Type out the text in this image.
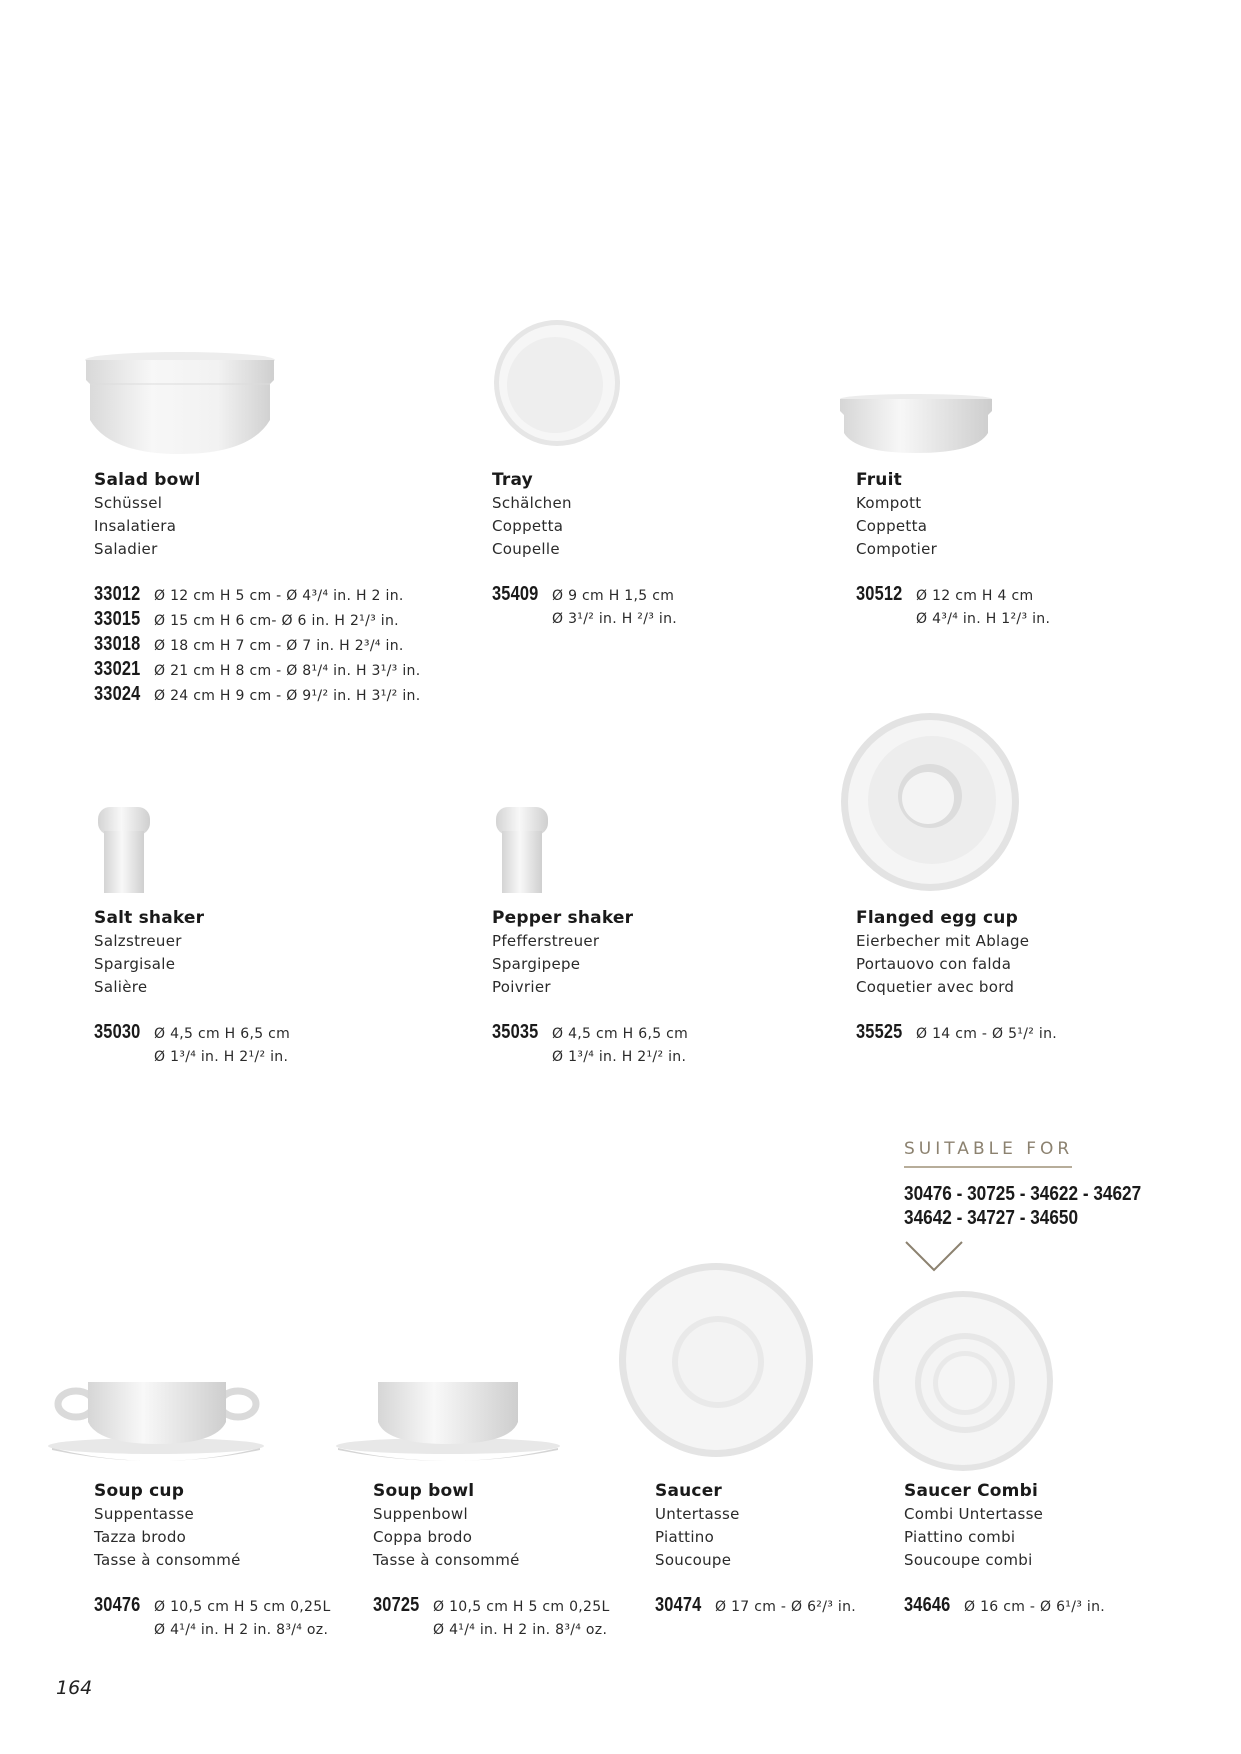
Salad bowl
Schüssel
Insalatiera
Saladier
33012 Ø 12 cm H 5 cm - Ø 4³/⁴ in. H 2 in.
33015 Ø 15 cm H 6 cm- Ø 6 in. H 2¹/³ in.
33018 Ø 18 cm H 7 cm - Ø 7 in. H 2³/⁴ in.
33021 Ø 21 cm H 8 cm - Ø 8¹/⁴ in. H 3¹/³ in.
33024 Ø 24 cm H 9 cm - Ø 9¹/² in. H 3¹/² in.
Tray
Schälchen
Coppetta
Coupelle
35409 Ø 9 cm H 1,5 cm
Ø 3¹/² in. H ²/³ in.
Fruit
Kompott
Coppetta
Compotier
30512 Ø 12 cm H 4 cm
Ø 4³/⁴ in. H 1²/³ in.
Salt shaker
Salzstreuer
Spargisale
Salière
35030 Ø 4,5 cm H 6,5 cm
Ø 1³/⁴ in. H 2¹/² in.
Pepper shaker
Pfefferstreuer
Spargipepe
Poivrier
35035 Ø 4,5 cm H 6,5 cm
Ø 1³/⁴ in. H 2¹/² in.
Flanged egg cup
Eierbecher mit Ablage
Portauovo con falda
Coquetier avec bord
35525 Ø 14 cm - Ø 5¹/² in.
SUITABLE FOR
30476 - 30725 - 34622 - 34627
34642 - 34727 - 34650
Soup cup
Suppentasse
Tazza brodo
Tasse à consommé
30476 Ø 10,5 cm H 5 cm 0,25L
Ø 4¹/⁴ in. H 2 in. 8³/⁴ oz.
Soup bowl
Suppenbowl
Coppa brodo
Tasse à consommé
30725 Ø 10,5 cm H 5 cm 0,25L
Ø 4¹/⁴ in. H 2 in. 8³/⁴ oz.
Saucer
Untertasse
Piattino
Soucoupe
30474 Ø 17 cm - Ø 6²/³ in.
Saucer Combi
Combi Untertasse
Piattino combi
Soucoupe combi
34646 Ø 16 cm - Ø 6¹/³ in.
164
